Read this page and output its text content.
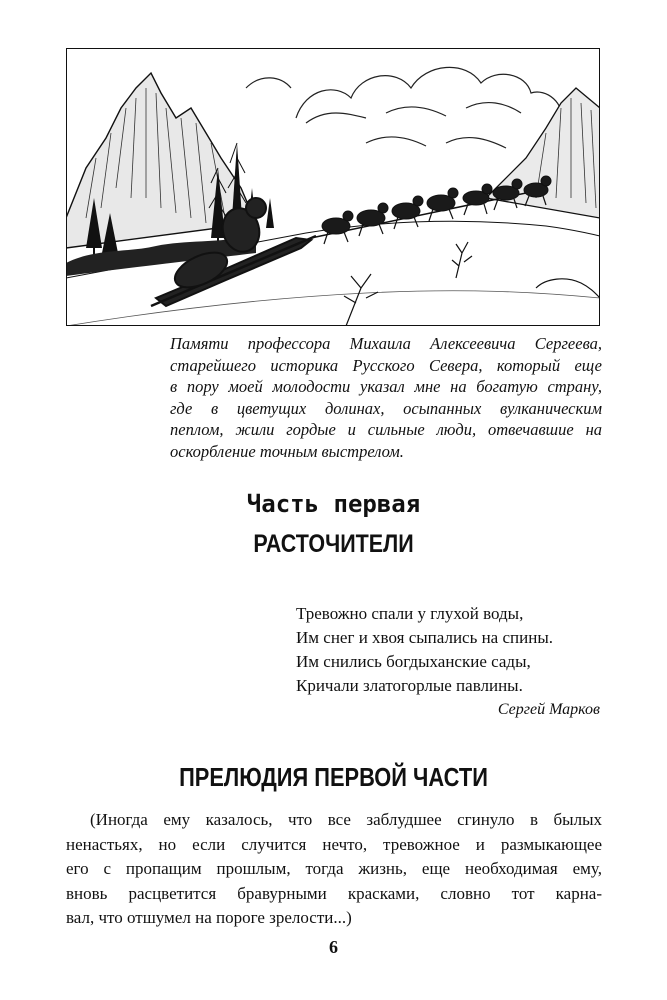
Памяти профессора Михаила Алексеевича Сергеева,
старейшего историка Русского Севера, который еще
в пору моей молодости указал мне на богатую страну,
где в цветущих долинах, осыпанных вулканическим
пеплом, жили гордые и сильные люди, отвечавшие на
оскорбление точным выстрелом.

Часть первая
РАСТОЧИТЕЛИ
Тревожно спали у глухой воды,
Им снег и хвоя сыпались на спины.
Им снились богдыханские сады,
Кричали златогорлые павлины.
Сергей Марков
ПРЕЛЮДИЯ ПЕРВОЙ ЧАСТИ

(Иногда ему казалось, что все заблудшее сгинуло в былых
ненастьях, но если случится нечто, тревожное и размыкающее
его с пропащим прошлым, тогда жизнь, еще необходимая ему,
вновь расцветится бравурными красками, словно тот карна-
вал, что отшумел на пороге зрелости...)

6
